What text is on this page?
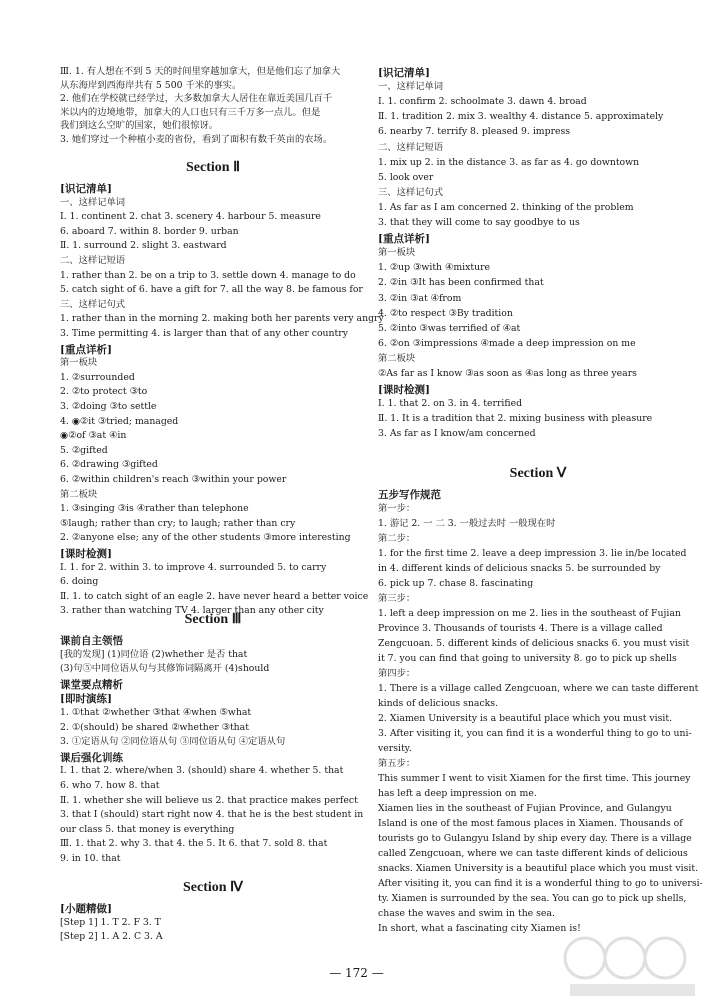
Ⅲ. 1. 有人想在不到 5 天的时间里穿越加拿大，但是他们忘了加拿大
从东海岸到西海岸共有 5 500 千米的事实。
2. 他们在学校就已经学过，大多数加拿大人居住在靠近美国几百千
米以内的边境地带，加拿大的人口也只有三千万多一点儿。但是
我们到这么空旷的国家，她们很惊讶。
3. 她们穿过一个种植小麦的省份，看到了面积有数千英亩的农场。
Section Ⅱ
[识记清单]
一、这样记单词
Ⅰ. 1. continent 2. chat 3. scenery 4. harbour 5. measure
6. aboard 7. within 8. border 9. urban
Ⅱ. 1. surround 2. slight 3. eastward
二、这样记短语
1. rather than 2. be on a trip to 3. settle down 4. manage to do
5. catch sight of 6. have a gift for 7. all the way 8. be famous for
三、这样记句式
1. rather than in the morning 2. making both her parents very angry
3. Time permitting 4. is larger than that of any other country
[重点详析]
第一板块
1. ②surrounded
2. ②to protect ③to
3. ②doing ③to settle
4. ◉②it ③tried; managed
◉②of ③at ④in
5. ②gifted
6. ②drawing ③gifted
6. ②within children's reach ③within your power
第二板块
1. ③singing ③is ④rather than telephone
⑤laugh; rather than cry; to laugh; rather than cry
2. ②anyone else; any of the other students ③more interesting
[课时检测]
Ⅰ. 1. for 2. within 3. to improve 4. surrounded 5. to carry
6. doing
Ⅱ. 1. to catch sight of an eagle 2. have never heard a better voice
3. rather than watching TV 4. larger than any other city
Section Ⅲ
课前自主领悟
[我的发现] (1)同位语 (2)whether 是否 that
(3)句⑤中同位语从句与其修饰词隔离开 (4)should
课堂要点精析
[即时演练]
1. ①that ②whether ③that ④when ⑤what
2. ①(should) be shared ②whether ③that
3. ①定语从句 ②同位语从句 ③同位语从句 ④定语从句
课后强化训练
Ⅰ. 1. that 2. where/when 3. (should) share 4. whether 5. that
6. who 7. how 8. that
Ⅱ. 1. whether she will believe us 2. that practice makes perfect
3. that I (should) start right now 4. that he is the best student in
our class 5. that money is everything
Ⅲ. 1. that 2. why 3. that 4. the 5. It 6. that 7. sold 8. that
9. in 10. that
Section Ⅳ
[小题精做]
[Step 1] 1. T 2. F 3. T
[Step 2] 1. A 2. C 3. A
[识记清单]
一、这样记单词
Ⅰ. 1. confirm 2. schoolmate 3. dawn 4. broad
Ⅱ. 1. tradition 2. mix 3. wealthy 4. distance 5. approximately
6. nearby 7. terrify 8. pleased 9. impress
二、这样记短语
1. mix up 2. in the distance 3. as far as 4. go downtown
5. look over
三、这样记句式
1. As far as I am concerned 2. thinking of the problem
3. that they will come to say goodbye to us
[重点详析]
第一板块
1. ②up ③with ④mixture
2. ②in ③It has been confirmed that
3. ②in ③at ④from
4. ②to respect ③By tradition
5. ②into ③was terrified of ④at
6. ②on ③impressions ④made a deep impression on me
第二板块
②As far as I know ③as soon as ④as long as three years
[课时检测]
Ⅰ. 1. that 2. on 3. in 4. terrified
Ⅱ. 1. It is a tradition that 2. mixing business with pleasure
3. As far as I know/am concerned
Section Ⅴ
五步写作规范
第一步：
1. 游记 2. 一 二 3. 一般过去时 一般现在时
第二步：
1. for the first time 2. leave a deep impression 3. lie in/be located
in 4. different kinds of delicious snacks 5. be surrounded by
6. pick up 7. chase 8. fascinating
第三步：
1. left a deep impression on me 2. lies in the southeast of Fujian
Province 3. Thousands of tourists 4. There is a village called
Zengcuoan. 5. different kinds of delicious snacks 6. you must visit
it 7. you can find that going to university 8. go to pick up shells
第四步：
1. There is a village called Zengcuoan, where we can taste different
kinds of delicious snacks.
2. Xiamen University is a beautiful place which you must visit.
3. After visiting it, you can find it is a wonderful thing to go to uni-
versity.
第五步：
This summer I went to visit Xiamen for the first time. This journey
has left a deep impression on me.
Xiamen lies in the southeast of Fujian Province, and Gulangyu
Island is one of the most famous places in Xiamen. Thousands of
tourists go to Gulangyu Island by ship every day. There is a village
called Zengcuoan, where we can taste different kinds of delicious
snacks. Xiamen University is a beautiful place which you must visit.
After visiting it, you can find it is a wonderful thing to go to universi-
ty. Xiamen is surrounded by the sea. You can go to pick up shells,
chase the waves and swim in the sea.
In short, what a fascinating city Xiamen is!
— 172 —
